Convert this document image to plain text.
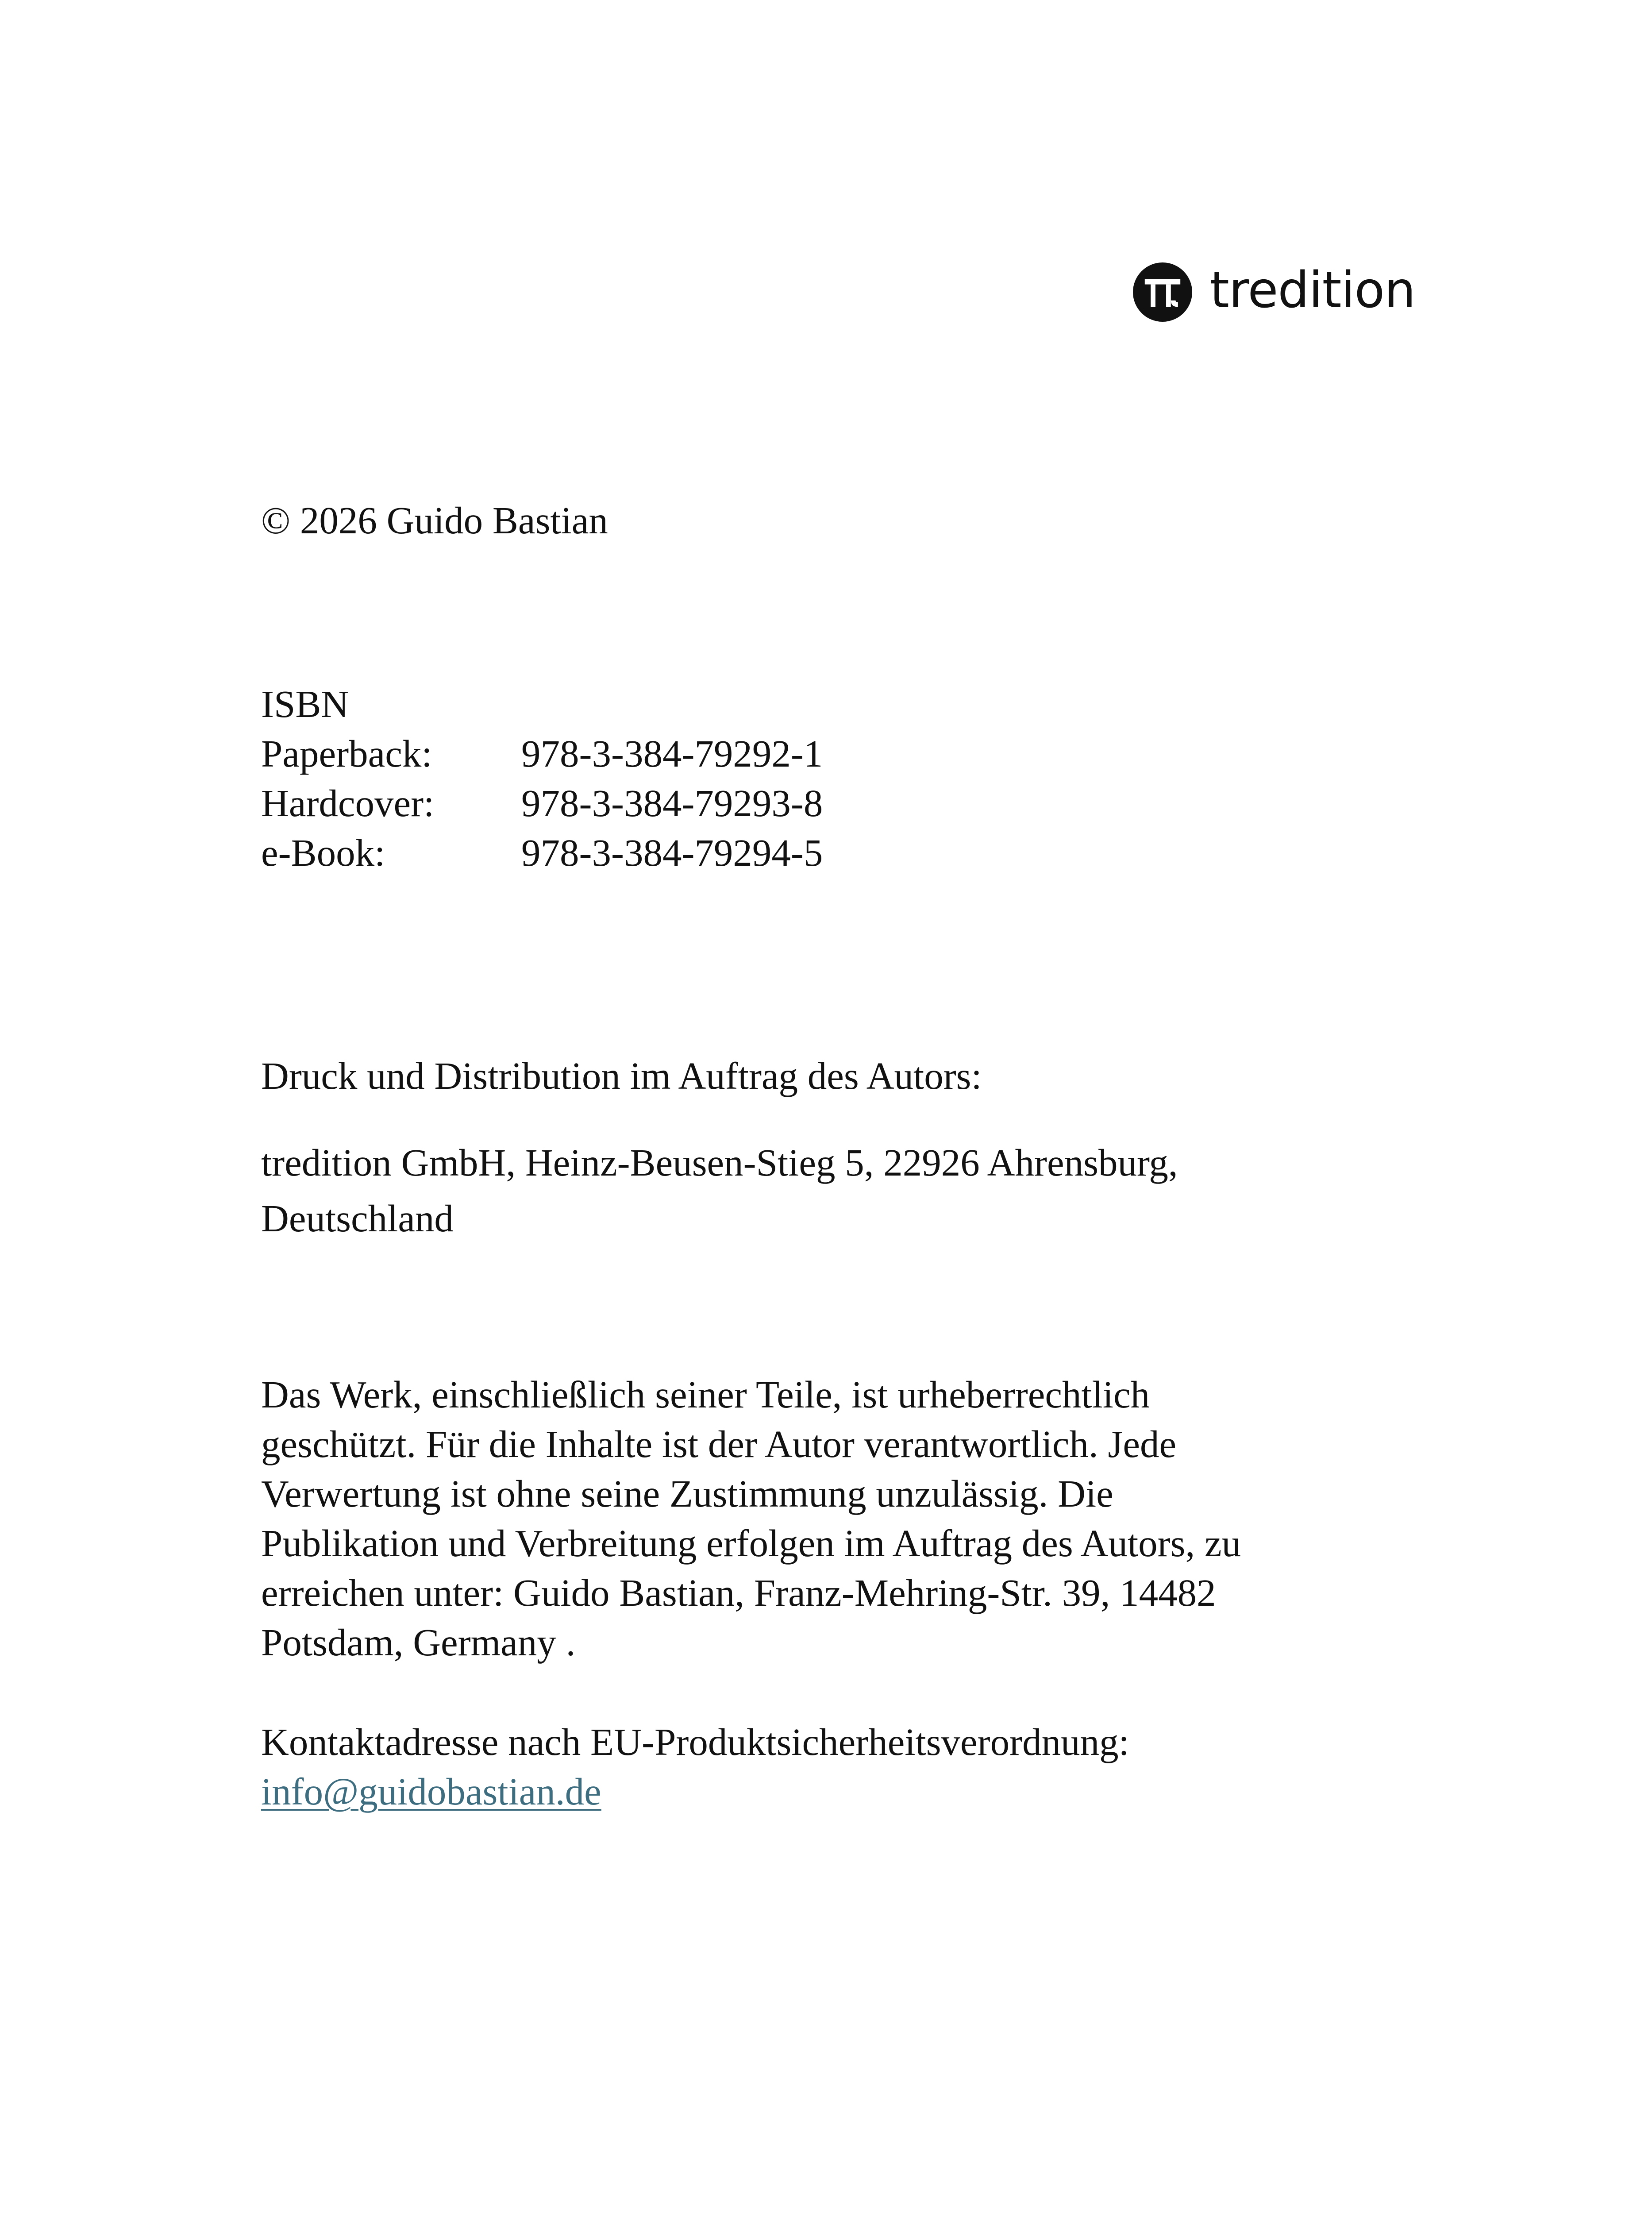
tredition
© 2026 Guido Bastian
ISBN
Paperback:	978-3-384-79292-1
Hardcover:	978-3-384-79293-8
e-Book:	978-3-384-79294-5
Druck und Distribution im Auftrag des Autors:
tredition GmbH, Heinz-Beusen-Stieg 5, 22926 Ahrensburg,
Deutschland
Das Werk, einschließlich seiner Teile, ist urheberrechtlich
geschützt. Für die Inhalte ist der Autor verantwortlich. Jede
Verwertung ist ohne seine Zustimmung unzulässig. Die
Publikation und Verbreitung erfolgen im Auftrag des Autors, zu
erreichen unter: Guido Bastian, Franz-Mehring-Str. 39, 14482
Potsdam, Germany .
Kontaktadresse nach EU-Produktsicherheitsverordnung:
info@guidobastian.de
